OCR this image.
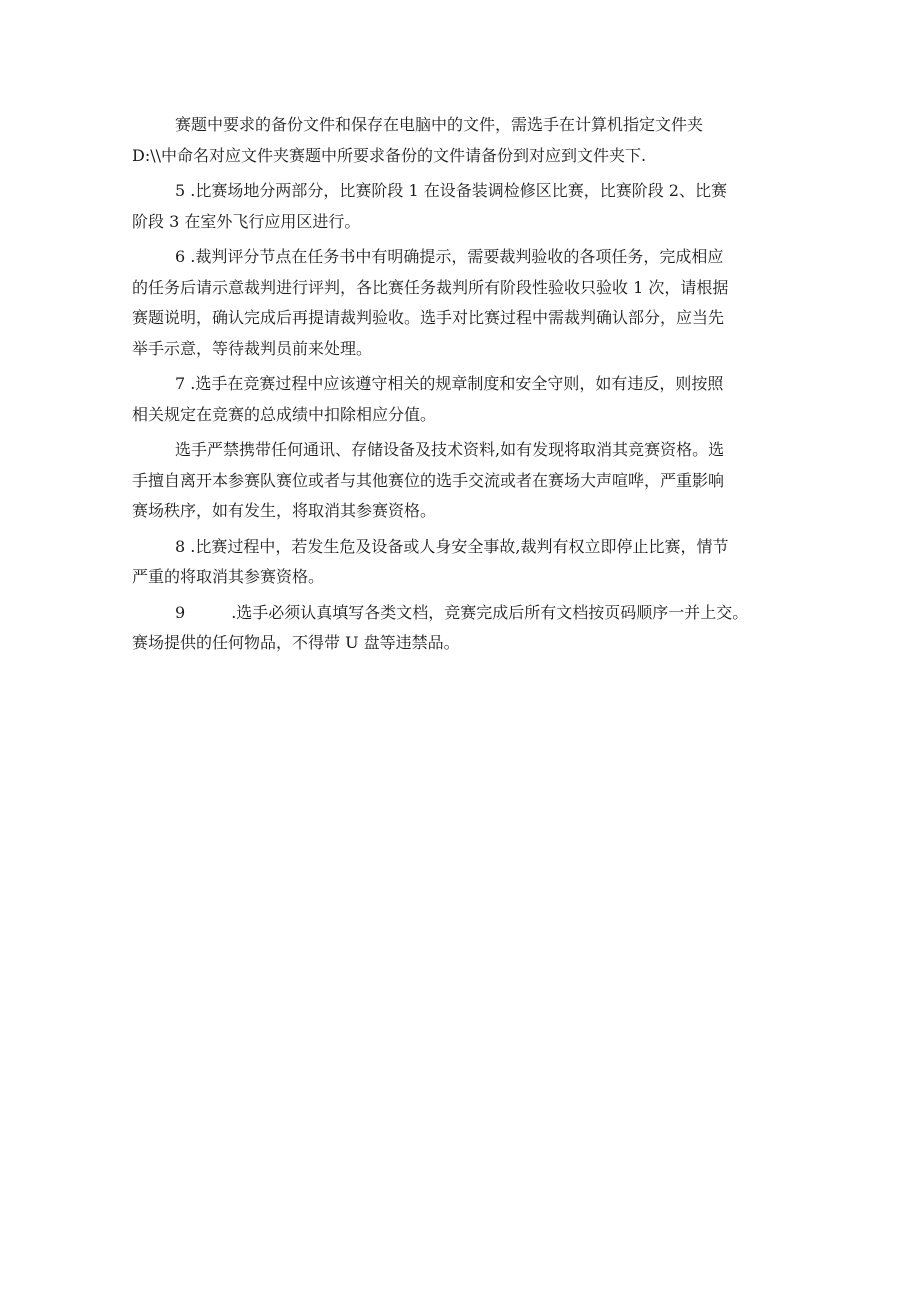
赛题中要求的备份文件和保存在电脑中的文件，需选手在计算机指定文件夹
D:\\中命名对应文件夹赛题中所要求备份的文件请备份到对应到文件夹下.

5 .比赛场地分两部分，比赛阶段 1 在设备装调检修区比赛，比赛阶段 2、比赛
阶段 3 在室外飞行应用区进行。

6 .裁判评分节点在任务书中有明确提示，需要裁判验收的各项任务，完成相应
的任务后请示意裁判进行评判，各比赛任务裁判所有阶段性验收只验收 1 次，请根据
赛题说明，确认完成后再提请裁判验收。选手对比赛过程中需裁判确认部分，应当先
举手示意，等待裁判员前来处理。

7 .选手在竞赛过程中应该遵守相关的规章制度和安全守则，如有违反，则按照
相关规定在竞赛的总成绩中扣除相应分值。

选手严禁携带任何通讯、存储设备及技术资料,如有发现将取消其竞赛资格。选
手擅自离开本参赛队赛位或者与其他赛位的选手交流或者在赛场大声喧哗，严重影响
赛场秩序，如有发生，将取消其参赛资格。

8 .比赛过程中，若发生危及设备或人身安全事故,裁判有权立即停止比赛，情节
严重的将取消其参赛资格。

9	.选手必须认真填写各类文档，竞赛完成后所有文档按页码顺序一并上交。
赛场提供的任何物品，不得带 U 盘等违禁品。
